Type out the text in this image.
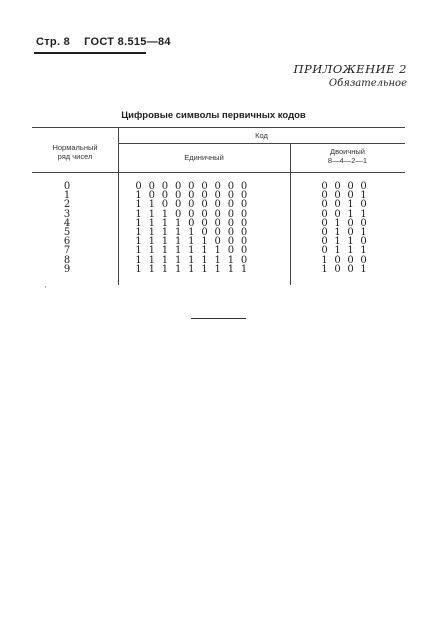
Стр. 8 ГОСТ 8.515—84
ПРИЛОЖЕНИЕ 2
Обязательное
Цифровые символы первичных кодов
Нормальный
ряд чисел
Код
Единичный
Двоичный
8—4—2—1
0
1
2
3
4
5
6
7
8
9
0 0 0 0 0 0 0 0 0
1 0 0 0 0 0 0 0 0
1 1 0 0 0 0 0 0 0
1 1 1 0 0 0 0 0 0
1 1 1 1 0 0 0 0 0
1 1 1 1 1 0 0 0 0
1 1 1 1 1 1 0 0 0
1 1 1 1 1 1 1 0 0
1 1 1 1 1 1 1 1 0
1 1 1 1 1 1 1 1 1
0 0 0 0
0 0 0 1
0 0 1 0
0 0 1 1
0 1 0 0
0 1 0 1
0 1 1 0
0 1 1 1
1 0 0 0
1 0 0 1
·
